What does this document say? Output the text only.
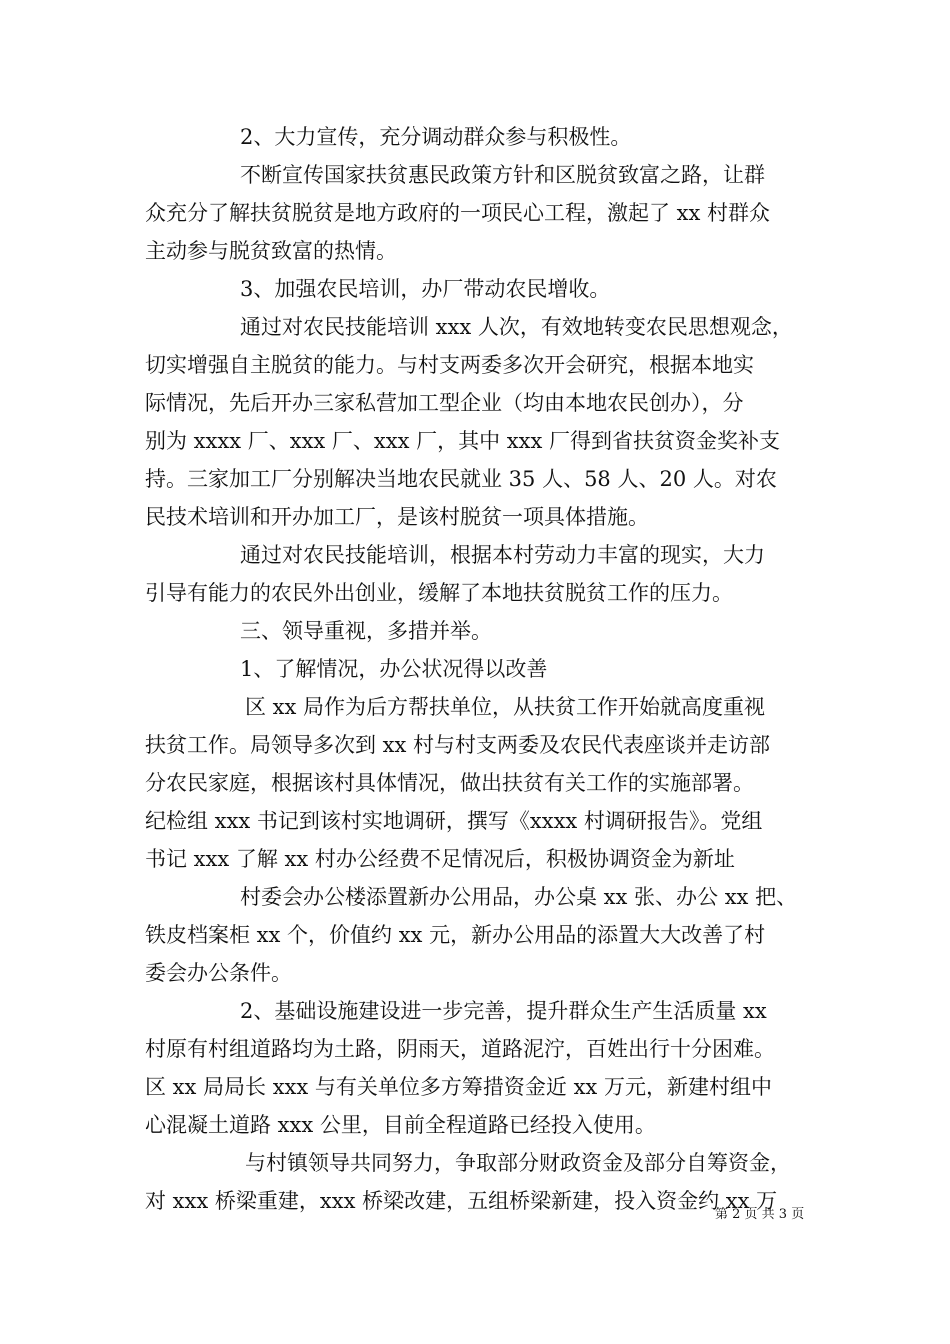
2、大力宣传，充分调动群众参与积极性。
不断宣传国家扶贫惠民政策方针和区脱贫致富之路，让群
众充分了解扶贫脱贫是地方政府的一项民心工程，激起了 xx 村群众
主动参与脱贫致富的热情。
3、加强农民培训，办厂带动农民增收。
通过对农民技能培训 xxx 人次，有效地转变农民思想观念，
切实增强自主脱贫的能力。与村支两委多次开会研究，根据本地实
际情况，先后开办三家私营加工型企业（均由本地农民创办），分
别为 xxxx 厂、xxx 厂、xxx 厂，其中 xxx 厂得到省扶贫资金奖补支
持。三家加工厂分别解决当地农民就业 35 人、58 人、20 人。对农
民技术培训和开办加工厂，是该村脱贫一项具体措施。
通过对农民技能培训，根据本村劳动力丰富的现实，大力
引导有能力的农民外出创业，缓解了本地扶贫脱贫工作的压力。
三、领导重视，多措并举。
1、了解情况，办公状况得以改善
区 xx 局作为后方帮扶单位，从扶贫工作开始就高度重视
扶贫工作。局领导多次到 xx 村与村支两委及农民代表座谈并走访部
分农民家庭，根据该村具体情况，做出扶贫有关工作的实施部署。
纪检组 xxx 书记到该村实地调研，撰写《xxxx 村调研报告》。党组
书记 xxx 了解 xx 村办公经费不足情况后，积极协调资金为新址
村委会办公楼添置新办公用品，办公桌 xx 张、办公 xx 把、
铁皮档案柜 xx 个，价值约 xx 元，新办公用品的添置大大改善了村
委会办公条件。
2、基础设施建设进一步完善，提升群众生产生活质量 xx
村原有村组道路均为土路，阴雨天，道路泥泞，百姓出行十分困难。
区 xx 局局长 xxx 与有关单位多方筹措资金近 xx 万元，新建村组中
心混凝土道路 xxx 公里，目前全程道路已经投入使用。
与村镇领导共同努力，争取部分财政资金及部分自筹资金，
对 xxx 桥梁重建，xxx 桥梁改建，五组桥梁新建，投入资金约 xx 万
第 2 页 共 3 页
